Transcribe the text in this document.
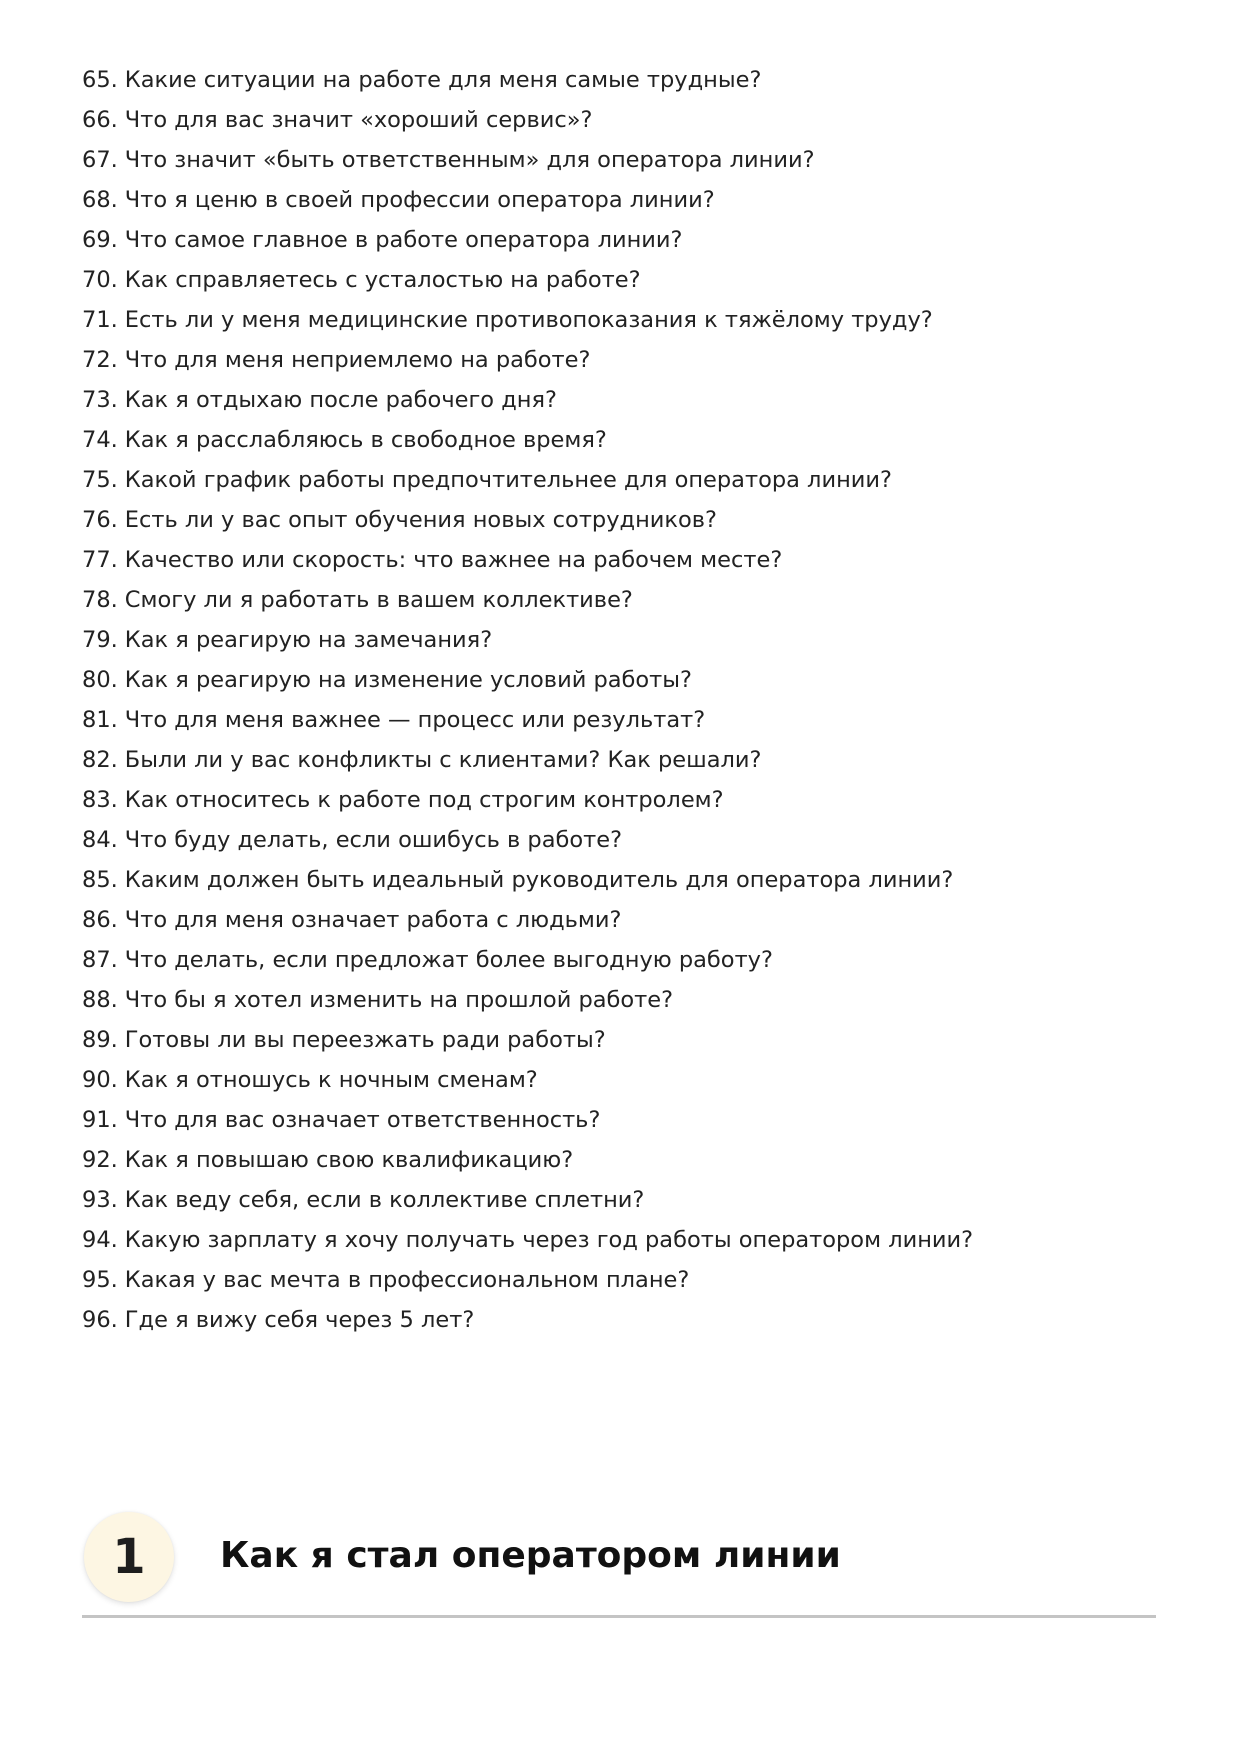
65. Какие ситуации на работе для меня самые трудные?
66. Что для вас значит «хороший сервис»?
67. Что значит «быть ответственным» для оператора линии?
68. Что я ценю в своей профессии оператора линии?
69. Что самое главное в работе оператора линии?
70. Как справляетесь с усталостью на работе?
71. Есть ли у меня медицинские противопоказания к тяжёлому труду?
72. Что для меня неприемлемо на работе?
73. Как я отдыхаю после рабочего дня?
74. Как я расслабляюсь в свободное время?
75. Какой график работы предпочтительнее для оператора линии?
76. Есть ли у вас опыт обучения новых сотрудников?
77. Качество или скорость: что важнее на рабочем месте?
78. Смогу ли я работать в вашем коллективе?
79. Как я реагирую на замечания?
80. Как я реагирую на изменение условий работы?
81. Что для меня важнее — процесс или результат?
82. Были ли у вас конфликты с клиентами? Как решали?
83. Как относитесь к работе под строгим контролем?
84. Что буду делать, если ошибусь в работе?
85. Каким должен быть идеальный руководитель для оператора линии?
86. Что для меня означает работа с людьми?
87. Что делать, если предложат более выгодную работу?
88. Что бы я хотел изменить на прошлой работе?
89. Готовы ли вы переезжать ради работы?
90. Как я отношусь к ночным сменам?
91. Что для вас означает ответственность?
92. Как я повышаю свою квалификацию?
93. Как веду себя, если в коллективе сплетни?
94. Какую зарплату я хочу получать через год работы оператором линии?
95. Какая у вас мечта в профессиональном плане?
96. Где я вижу себя через 5 лет?
1	Как я стал оператором линии
